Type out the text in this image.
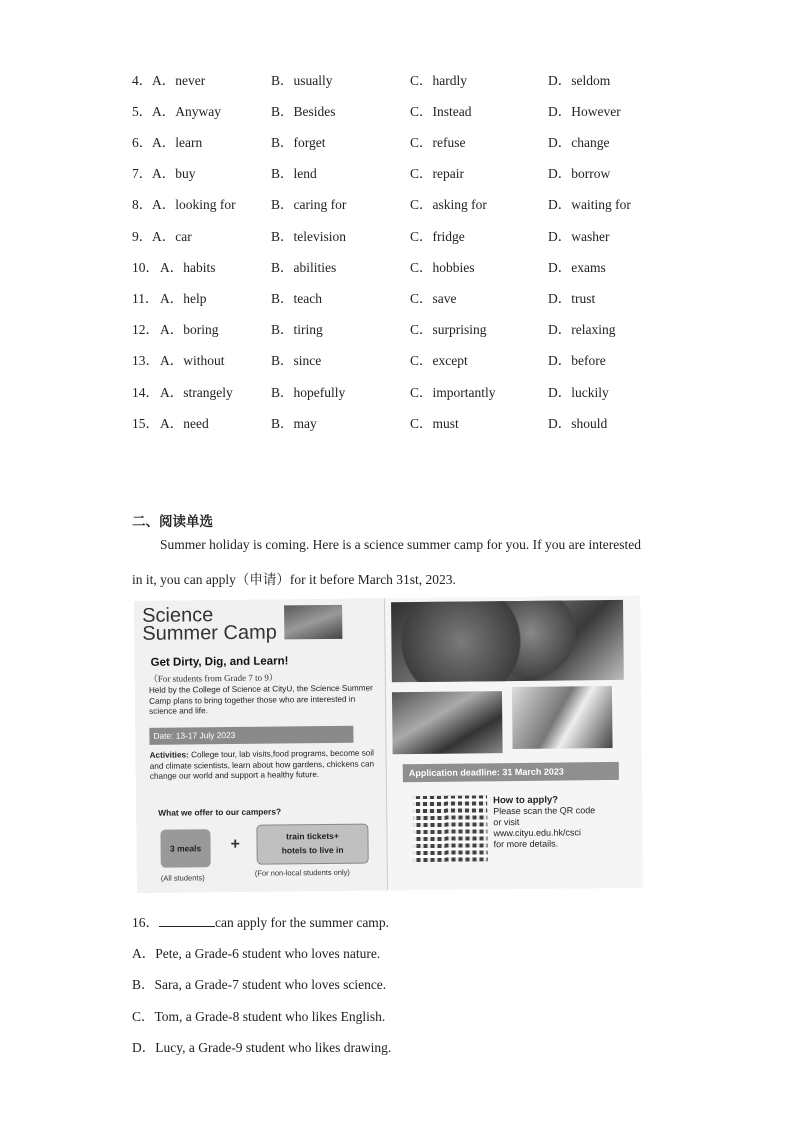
4． A．never	B．usually	C．hardly	D．seldom
5． A．Anyway	B．Besides	C．Instead	D．However
6． A．learn	B．forget	C．refuse	D．change
7． A．buy	B．lend	C．repair	D．borrow
8． A．looking for	B．caring for	C．asking for	D．waiting for
9． A．car	B．television	C．fridge	D．washer
10． A．habits	B．abilities	C．hobbies	D．exams
11． A．help	B．teach	C．save	D．trust
12． A．boring	B．tiring	C．surprising	D．relaxing
13． A．without	B．since	C．except	D．before
14． A．strangely	B．hopefully	C．importantly	D．luckily
15． A．need	B．may	C．must	D．should
二、阅读单选
Summer holiday is coming. Here is a science summer camp for you. If you are interested
in it, you can apply（申请）for it before March 31st, 2023.
Science
Summer Camp
Get Dirty, Dig, and Learn!
（For students from Grade 7 to 9）
Held by the College of Science at CityU, the Science Summer Camp plans to bring together those who are interested in science and life.
Date: 13-17 July 2023
Activities: College tour, lab visits,food programs, become soil and climate scientists, learn about how gardens, chickens can change our world and support a healthy future.
What we offer to our campers?
3 meals	+	train tickets+
hotels to live in
(All students)
(For non-local students only)
Application deadline: 31 March 2023
How to apply?
Please scan the QR code
or visit
www.cityu.edu.hk/csci
for more details.
16．	can apply for the summer camp.
A．Pete, a Grade-6 student who loves nature.
B．Sara, a Grade-7 student who loves science.
C．Tom, a Grade-8 student who likes English.
D．Lucy, a Grade-9 student who likes drawing.
